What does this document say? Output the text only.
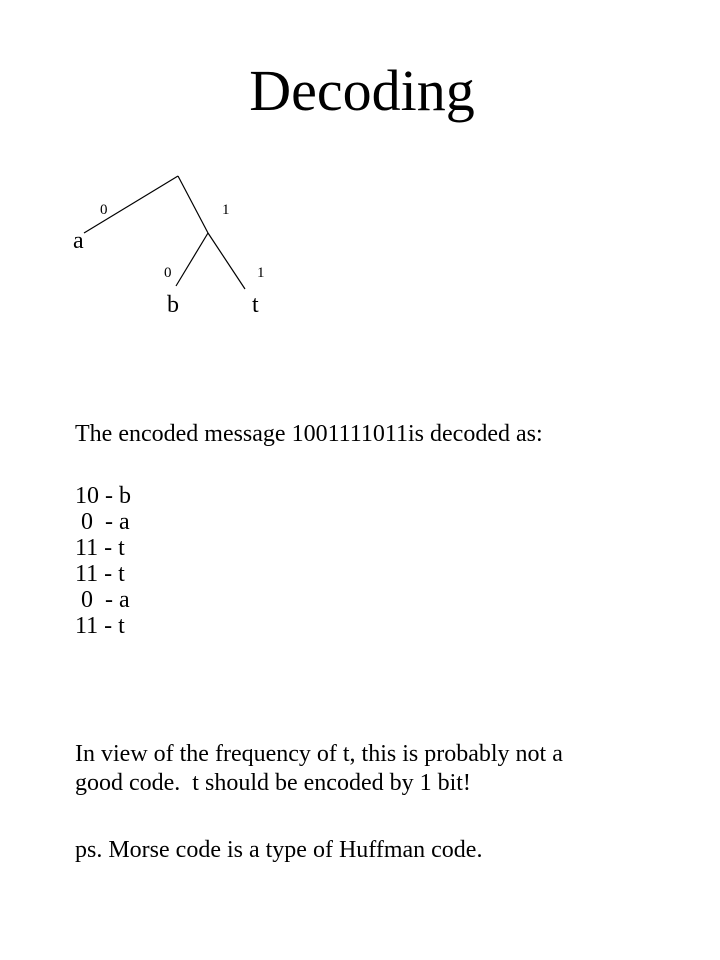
Decoding
0	1
a
0	1
b	t
The encoded message 1001111011is decoded as:
10 - b
0  - a
11 - t
11 - t
0  - a
11 - t
In view of the frequency of t, this is probably not a
good code.  t should be encoded by 1 bit!
ps. Morse code is a type of Huffman code.
